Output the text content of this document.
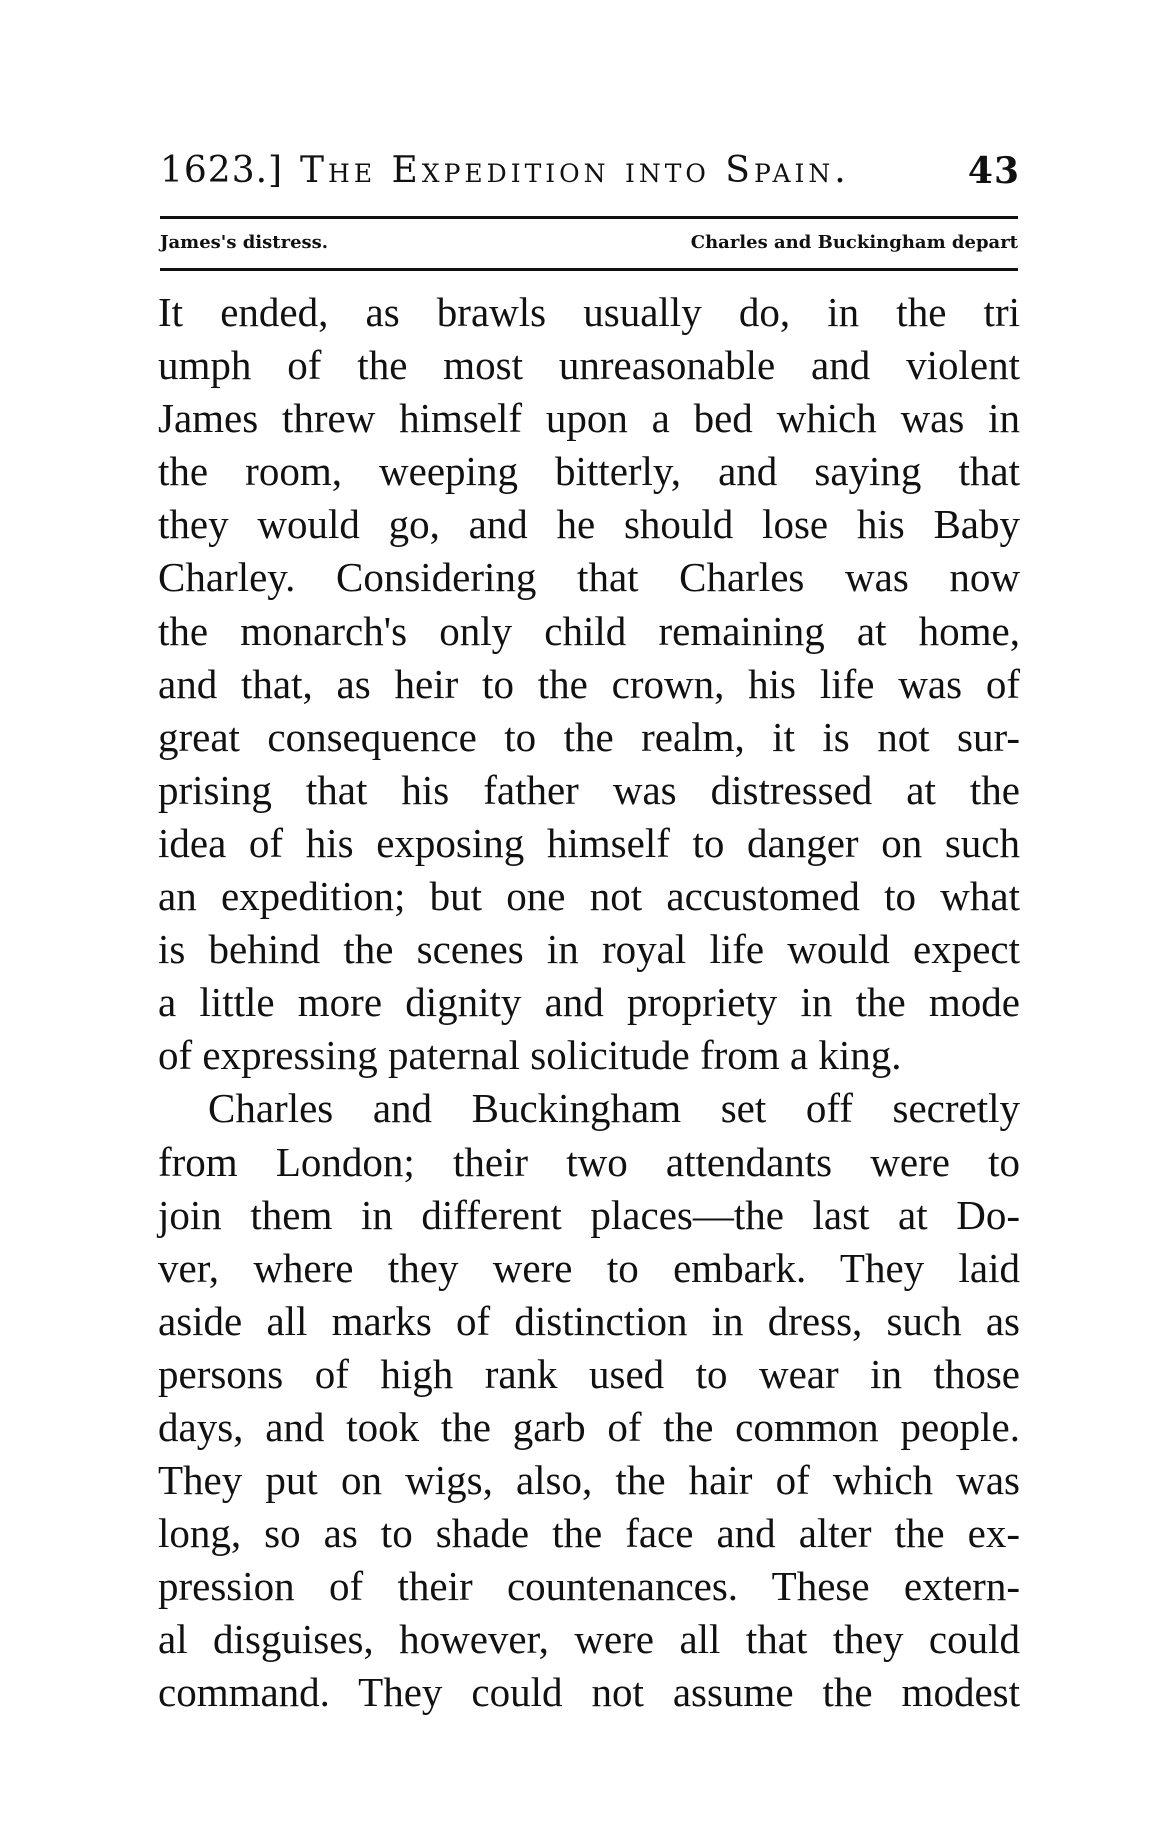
1623.] The Expedition into Spain.	43
James's distress.	Charles and Buckingham depart
It ended, as brawls usually do, in the tri
umph of the most unreasonable and violent
James threw himself upon a bed which was in
the room, weeping bitterly, and saying that
they would go, and he should lose his Baby
Charley. Considering that Charles was now
the monarch's only child remaining at home,
and that, as heir to the crown, his life was of
great consequence to the realm, it is not sur-
prising that his father was distressed at the
idea of his exposing himself to danger on such
an expedition; but one not accustomed to what
is behind the scenes in royal life would expect
a little more dignity and propriety in the mode
of expressing paternal solicitude from a king.
Charles and Buckingham set off secretly
from London; their two attendants were to
join them in different places—the last at Do-
ver, where they were to embark. They laid
aside all marks of distinction in dress, such as
persons of high rank used to wear in those
days, and took the garb of the common people.
They put on wigs, also, the hair of which was
long, so as to shade the face and alter the ex-
pression of their countenances. These extern-
al disguises, however, were all that they could
command. They could not assume the modest
